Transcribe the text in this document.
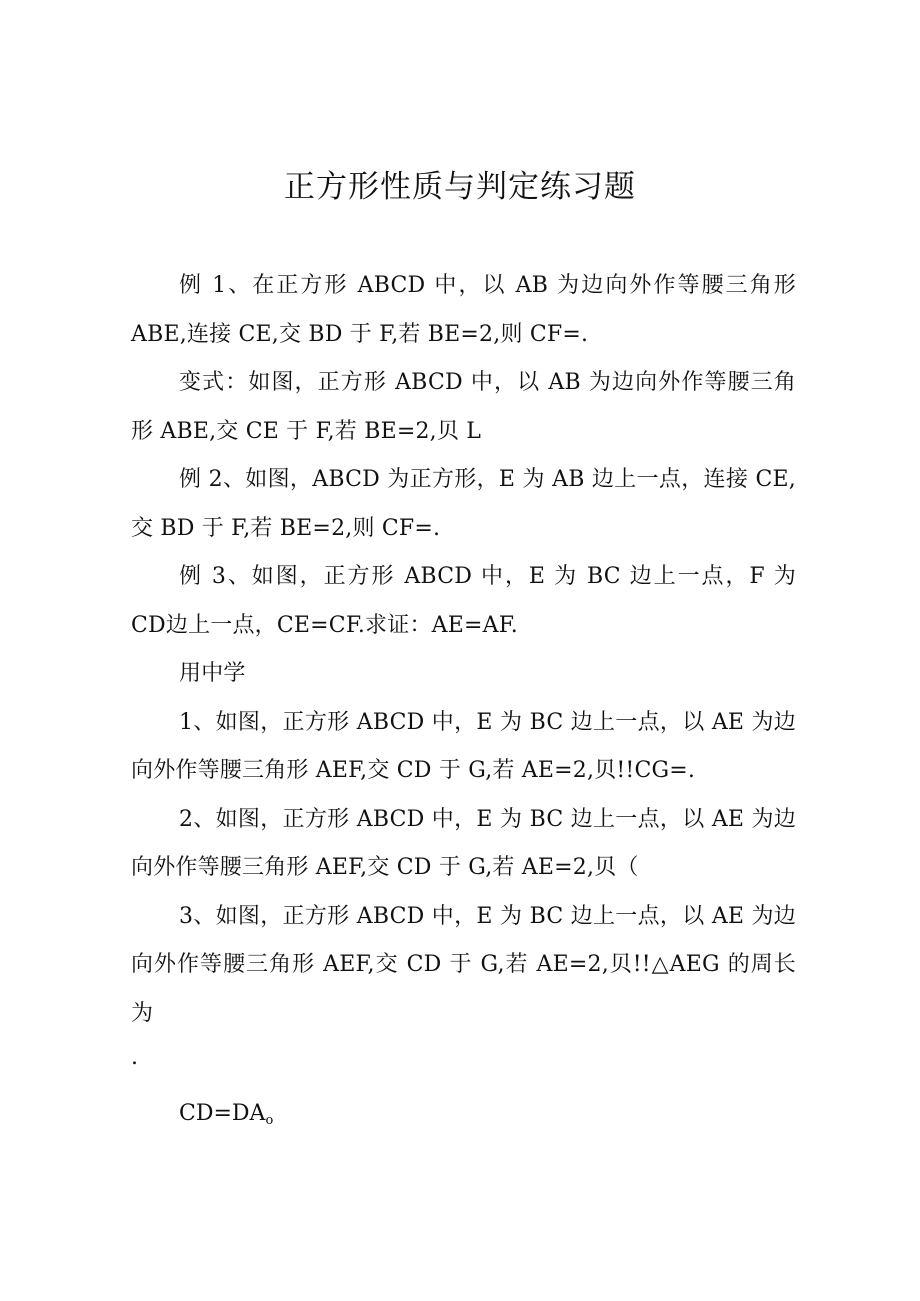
正方形性质与判定练习题

例 1、在正方形 ABCD 中，以 AB 为边向外作等腰三角形ABE,连接 CE,交 BD 于 F,若 BE=2,则 CF=.

变式：如图，正方形 ABCD 中，以 AB 为边向外作等腰三角形 ABE,交 CE 于 F,若 BE=2,贝 L

例 2、如图，ABCD 为正方形，E 为 AB 边上一点，连接 CE,交 BD 于 F,若 BE=2,则 CF=.

例 3、如图，正方形 ABCD 中，E 为 BC 边上一点，F 为 CD边上一点，CE=CF.求证：AE=AF.

用中学

1、如图，正方形 ABCD 中，E 为 BC 边上一点，以 AE 为边向外作等腰三角形 AEF,交 CD 于 G,若 AE=2,贝!!CG=.

2、如图，正方形 ABCD 中，E 为 BC 边上一点，以 AE 为边向外作等腰三角形 AEF,交 CD 于 G,若 AE=2,贝（

3、如图，正方形 ABCD 中，E 为 BC 边上一点，以 AE 为边向外作等腰三角形 AEF,交 CD 于 G,若 AE=2,贝!!△AEG 的周长为

.

$CD=DA_o$
